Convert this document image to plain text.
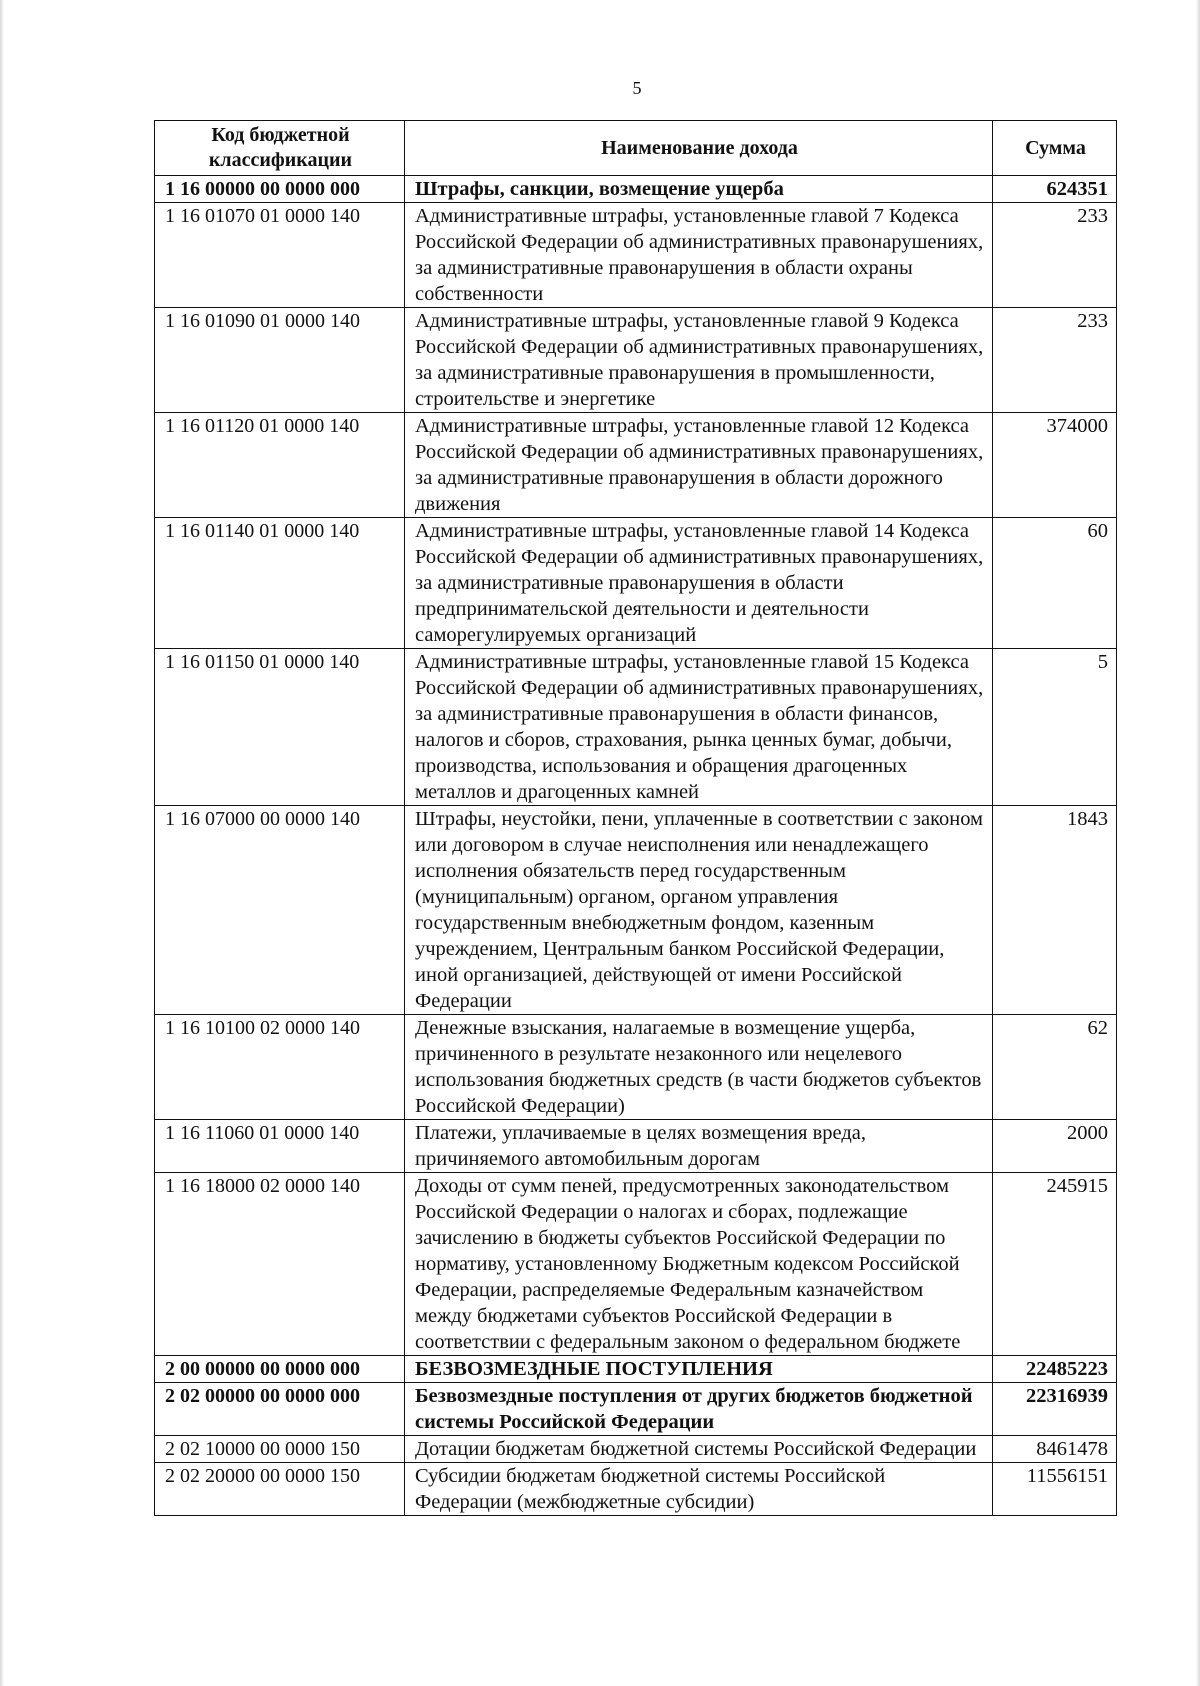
5
Код бюджетной классификации	Наименование дохода	Сумма
1 16 00000 00 0000 000	Штрафы, санкции, возмещение ущерба	624351
1 16 01070 01 0000 140	Административные штрафы, установленные главой 7 Кодекса Российской Федерации об административных правонарушениях, за административные правонарушения в области охраны собственности	233
1 16 01090 01 0000 140	Административные штрафы, установленные главой 9 Кодекса Российской Федерации об административных правонарушениях, за административные правонарушения в промышленности, строительстве и энергетике	233
1 16 01120 01 0000 140	Административные штрафы, установленные главой 12 Кодекса Российской Федерации об административных правонарушениях, за административные правонарушения в области дорожного движения	374000
1 16 01140 01 0000 140	Административные штрафы, установленные главой 14 Кодекса Российской Федерации об административных правонарушениях, за административные правонарушения в области предпринимательской деятельности и деятельности саморегулируемых организаций	60
1 16 01150 01 0000 140	Административные штрафы, установленные главой 15 Кодекса Российской Федерации об административных правонарушениях, за административные правонарушения в области финансов, налогов и сборов, страхования, рынка ценных бумаг, добычи, производства, использования и обращения драгоценных металлов и драгоценных камней	5
1 16 07000 00 0000 140	Штрафы, неустойки, пени, уплаченные в соответствии с законом или договором в случае неисполнения или ненадлежащего исполнения обязательств перед государственным (муниципальным) органом, органом управления государственным внебюджетным фондом, казенным учреждением, Центральным банком Российской Федерации, иной организацией, действующей от имени Российской Федерации	1843
1 16 10100 02 0000 140	Денежные взыскания, налагаемые в возмещение ущерба, причиненного в результате незаконного или нецелевого использования бюджетных средств (в части бюджетов субъектов Российской Федерации)	62
1 16 11060 01 0000 140	Платежи, уплачиваемые в целях возмещения вреда, причиняемого автомобильным дорогам	2000
1 16 18000 02 0000 140	Доходы от сумм пеней, предусмотренных законодательством Российской Федерации о налогах и сборах, подлежащие зачислению в бюджеты субъектов Российской Федерации по нормативу, установленному Бюджетным кодексом Российской Федерации, распределяемые Федеральным казначейством между бюджетами субъектов Российской Федерации в соответствии с федеральным законом о федеральном бюджете	245915
2 00 00000 00 0000 000	БЕЗВОЗМЕЗДНЫЕ ПОСТУПЛЕНИЯ	22485223
2 02 00000 00 0000 000	Безвозмездные поступления от других бюджетов бюджетной системы Российской Федерации	22316939
2 02 10000 00 0000 150	Дотации бюджетам бюджетной системы Российской Федерации	8461478
2 02 20000 00 0000 150	Субсидии бюджетам бюджетной системы Российской Федерации (межбюджетные субсидии)	11556151
